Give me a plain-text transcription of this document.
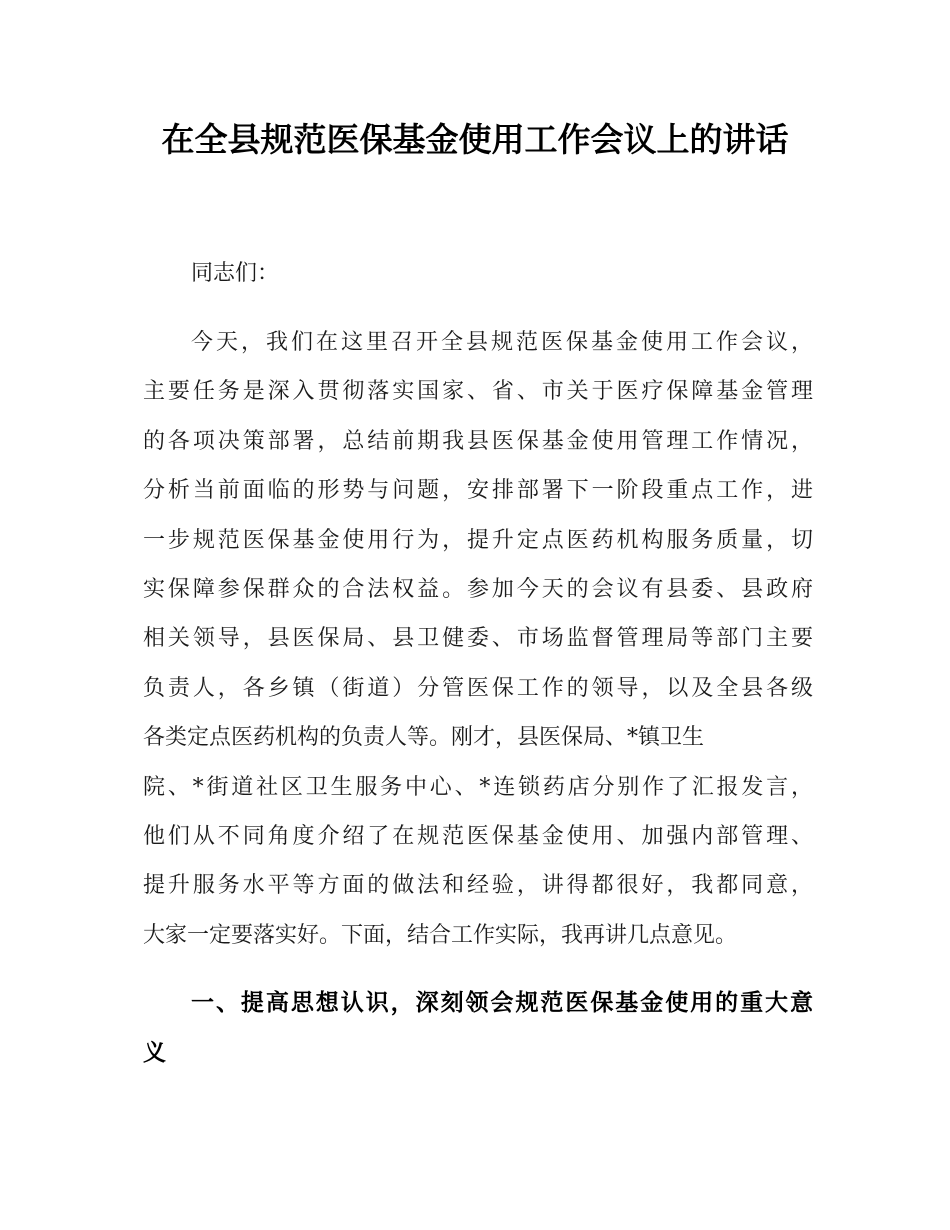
在全县规范医保基金使用工作会议上的讲话

同志们：

今天，我们在这里召开全县规范医保基金使用工作会议，
主要任务是深入贯彻落实国家、省、市关于医疗保障基金管理
的各项决策部署，总结前期我县医保基金使用管理工作情况，
分析当前面临的形势与问题，安排部署下一阶段重点工作，进
一步规范医保基金使用行为，提升定点医药机构服务质量，切
实保障参保群众的合法权益。参加今天的会议有县委、县政府
相关领导，县医保局、县卫健委、市场监督管理局等部门主要
负责人，各乡镇（街道）分管医保工作的领导，以及全县各级
各类定点医药机构的负责人等。刚才，县医保局、*镇卫生
院、*街道社区卫生服务中心、*连锁药店分别作了汇报发言，
他们从不同角度介绍了在规范医保基金使用、加强内部管理、
提升服务水平等方面的做法和经验，讲得都很好，我都同意，
大家一定要落实好。下面，结合工作实际，我再讲几点意见。
一、提高思想认识，深刻领会规范医保基金使用的重大意
义
